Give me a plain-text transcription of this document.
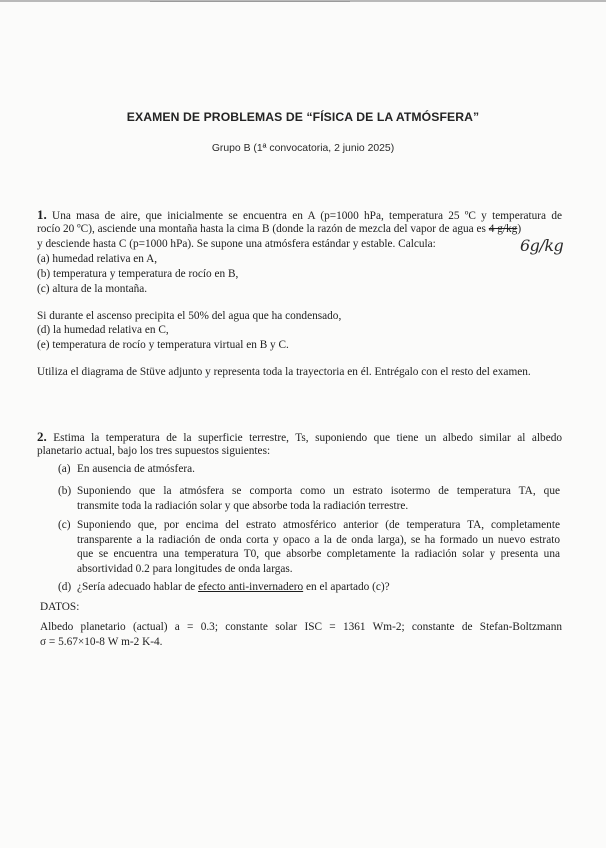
EXAMEN DE PROBLEMAS DE “FÍSICA DE LA ATMÓSFERA”
Grupo B (1ª convocatoria, 2 junio 2025)
1. Una masa de aire, que inicialmente se encuentra en A (p=1000 hPa, temperatura 25 ºC y temperatura de
rocío 20 ºC), asciende una montaña hasta la cima B (donde la razón de mezcla del vapor de agua es 4 g/kg)
y desciende hasta C (p=1000 hPa). Se supone una atmósfera estándar y estable. Calcula:	6g/kg
(a) humedad relativa en A,
(b) temperatura y temperatura de rocío en B,
(c) altura de la montaña.
Si durante el ascenso precipita el 50% del agua que ha condensado,
(d) la humedad relativa en C,
(e) temperatura de rocío y temperatura virtual en B y C.
Utiliza el diagrama de Stüve adjunto y representa toda la trayectoria en él. Entrégalo con el resto del examen.
2. Estima la temperatura de la superficie terrestre, Ts, suponiendo que tiene un albedo similar al albedo
planetario actual, bajo los tres supuestos siguientes:
(a) En ausencia de atmósfera.
(b) Suponiendo que la atmósfera se comporta como un estrato isotermo de temperatura TA, que
transmite toda la radiación solar y que absorbe toda la radiación terrestre.
(c) Suponiendo que, por encima del estrato atmosférico anterior (de temperatura TA, completamente
transparente a la radiación de onda corta y opaco a la de onda larga), se ha formado un nuevo estrato
que se encuentra una temperatura T0, que absorbe completamente la radiación solar y presenta una
absortividad 0.2 para longitudes de onda largas.
(d) ¿Sería adecuado hablar de efecto anti-invernadero en el apartado (c)?
DATOS:
Albedo planetario (actual) a = 0.3; constante solar ISC = 1361 Wm-2; constante de Stefan-Boltzmann
σ = 5.67×10-8 W m-2 K-4.
